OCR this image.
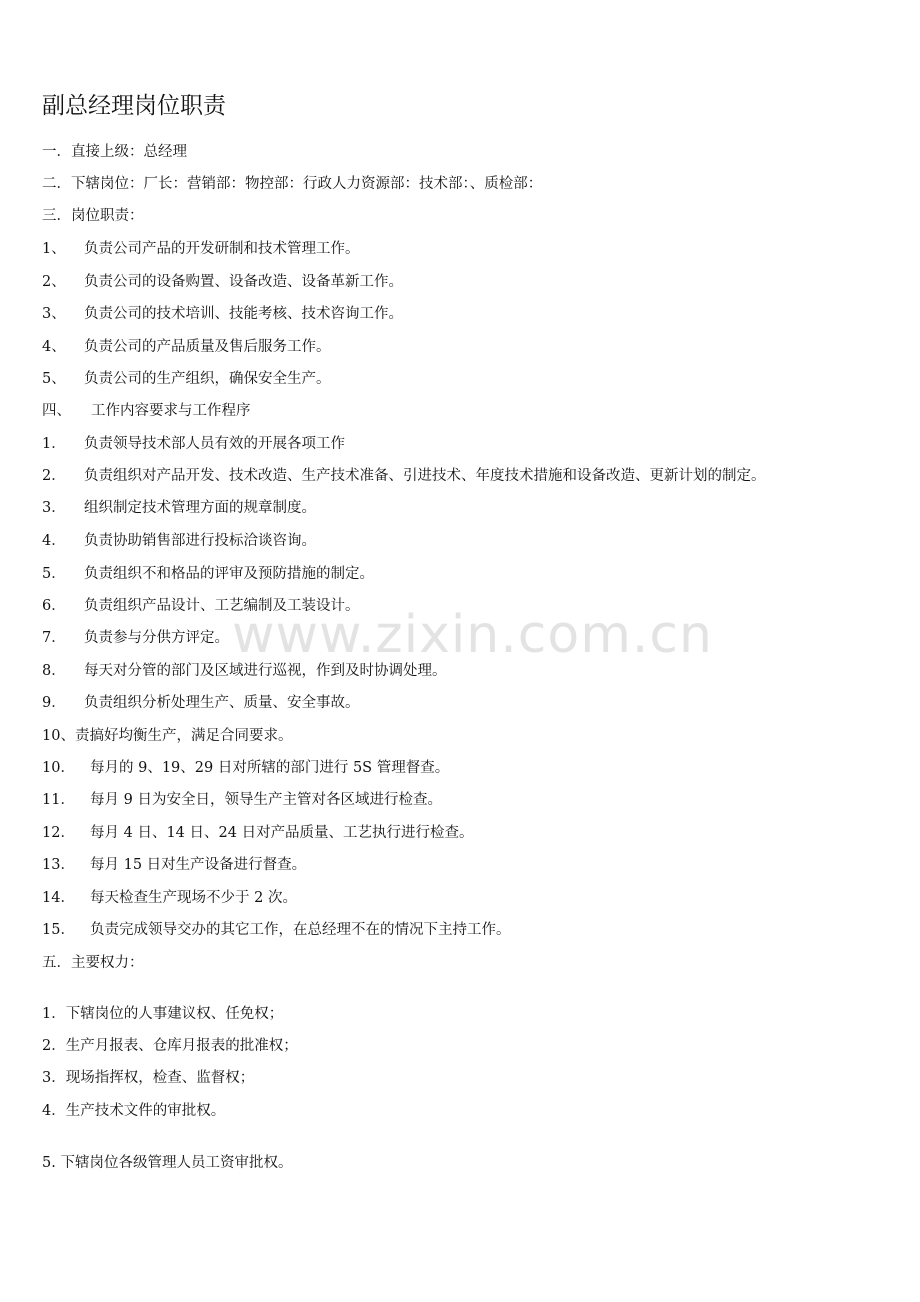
www.zixin.com.cn
副总经理岗位职责
一．直接上级：总经理
二．下辖岗位：厂长：营销部：物控部：行政人力资源部：技术部：、质检部：
三．岗位职责：
1、 负责公司产品的开发研制和技术管理工作。
2、 负责公司的设备购置、设备改造、设备革新工作。
3、 负责公司的技术培训、技能考核、技术咨询工作。
4、 负责公司的产品质量及售后服务工作。
5、 负责公司的生产组织，确保安全生产。
四、 工作内容要求与工作程序
1． 负责领导技术部人员有效的开展各项工作
2． 负责组织对产品开发、技术改造、生产技术准备、引进技术、年度技术措施和设备改造、更新计划的制定。
3． 组织制定技术管理方面的规章制度。
4． 负责协助销售部进行投标洽谈咨询。
5． 负责组织不和格品的评审及预防措施的制定。
6． 负责组织产品设计、工艺编制及工装设计。
7． 负责参与分供方评定。
8． 每天对分管的部门及区域进行巡视，作到及时协调处理。
9． 负责组织分析处理生产、质量、安全事故。
10、责搞好均衡生产，满足合同要求。
10． 每月的 9、19、29 日对所辖的部门进行 5S 管理督查。
11． 每月 9 日为安全日，领导生产主管对各区域进行检查。
12． 每月 4 日、14 日、24 日对产品质量、工艺执行进行检查。
13． 每月 15 日对生产设备进行督查。
14． 每天检查生产现场不少于 2 次。
15． 负责完成领导交办的其它工作，在总经理不在的情况下主持工作。
五．主要权力：
1．下辖岗位的人事建议权、任免权；
2．生产月报表、仓库月报表的批准权；
3．现场指挥权，检查、监督权；
4．生产技术文件的审批权。
5. 下辖岗位各级管理人员工资审批权。
